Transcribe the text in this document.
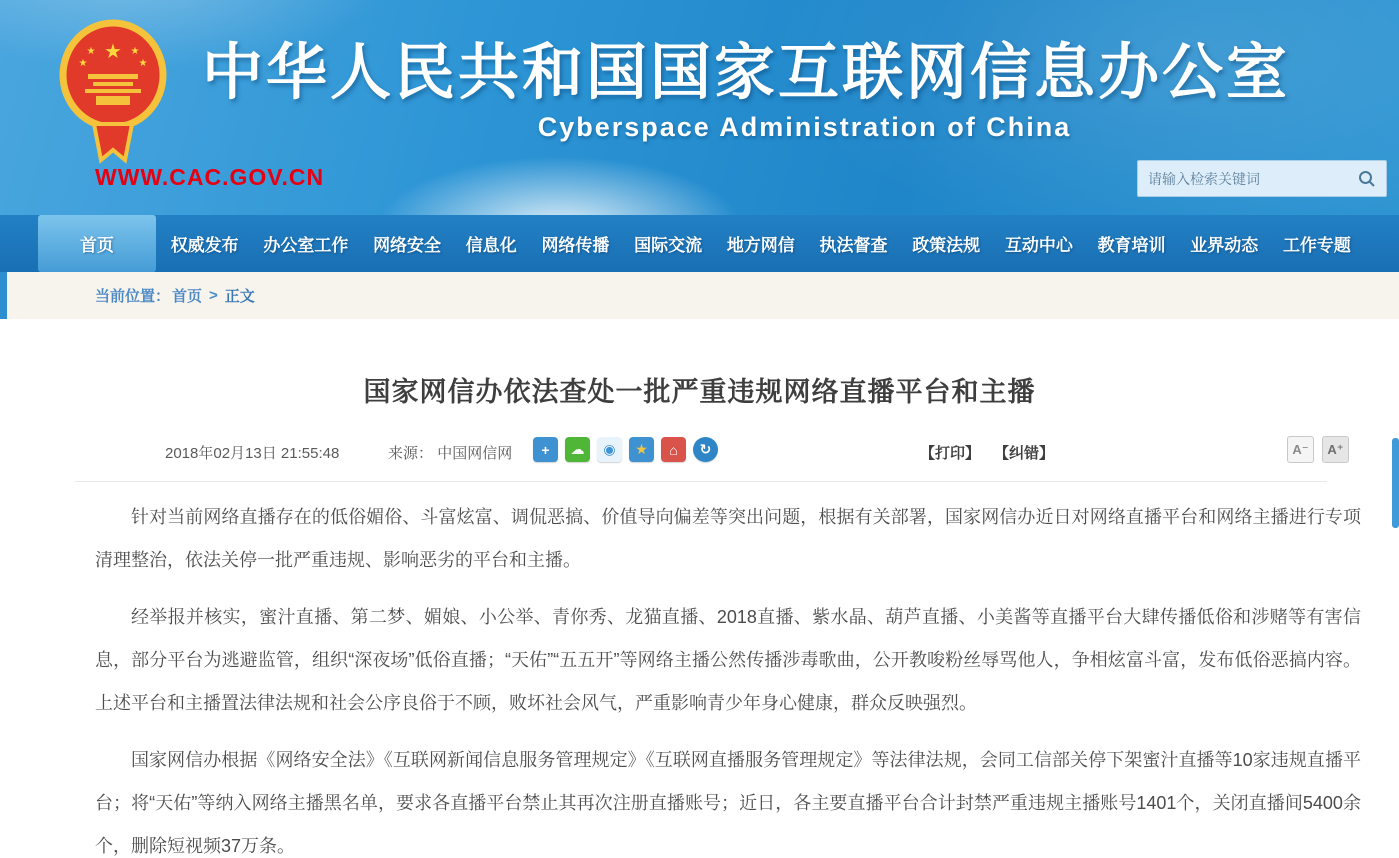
★
★	★
★	★ 中华人民共和国国家互联网信息办公室
Cyberspace Administration of China
WWW.CAC.GOV.CN
请输入检索关键词
首页	权威发布	办公室工作	网络安全	信息化	网络传播	国际交流	地方网信	执法督查	政策法规	互动中心	教育培训	业界动态	工作专题
当前位置： 首页 > 正文
国家网信办依法查处一批严重违规网络直播平台和主播
2018年02月13日 21:55:48	来源： 中国网信网	+	☁	◉	★	⌂	↻	【打印】 【纠错】	A⁻	A⁺

针对当前网络直播存在的低俗媚俗、斗富炫富、调侃恶搞、价值导向偏差等突出问题，根据有关部署，国家网信办近日对网络直播平台和网络主播进行专项清理整治，依法关停一批严重违规、影响恶劣的平台和主播。

经举报并核实，蜜汁直播、第二梦、媚娘、小公举、青你秀、龙猫直播、2018直播、紫水晶、葫芦直播、小美酱等直播平台大肆传播低俗和涉赌等有害信息，部分平台为逃避监管，组织“深夜场”低俗直播；“天佑”“五五开”等网络主播公然传播涉毒歌曲，公开教唆粉丝辱骂他人，争相炫富斗富，发布低俗恶搞内容。上述平台和主播置法律法规和社会公序良俗于不顾，败坏社会风气，严重影响青少年身心健康，群众反映强烈。

国家网信办根据《网络安全法》《互联网新闻信息服务管理规定》《互联网直播服务管理规定》等法律法规，会同工信部关停下架蜜汁直播等10家违规直播平台；将“天佑”等纳入网络主播黑名单，要求各直播平台禁止其再次注册直播账号；近日，各主要直播平台合计封禁严重违规主播账号1401个，关闭直播间5400余个，删除短视频37万条。
